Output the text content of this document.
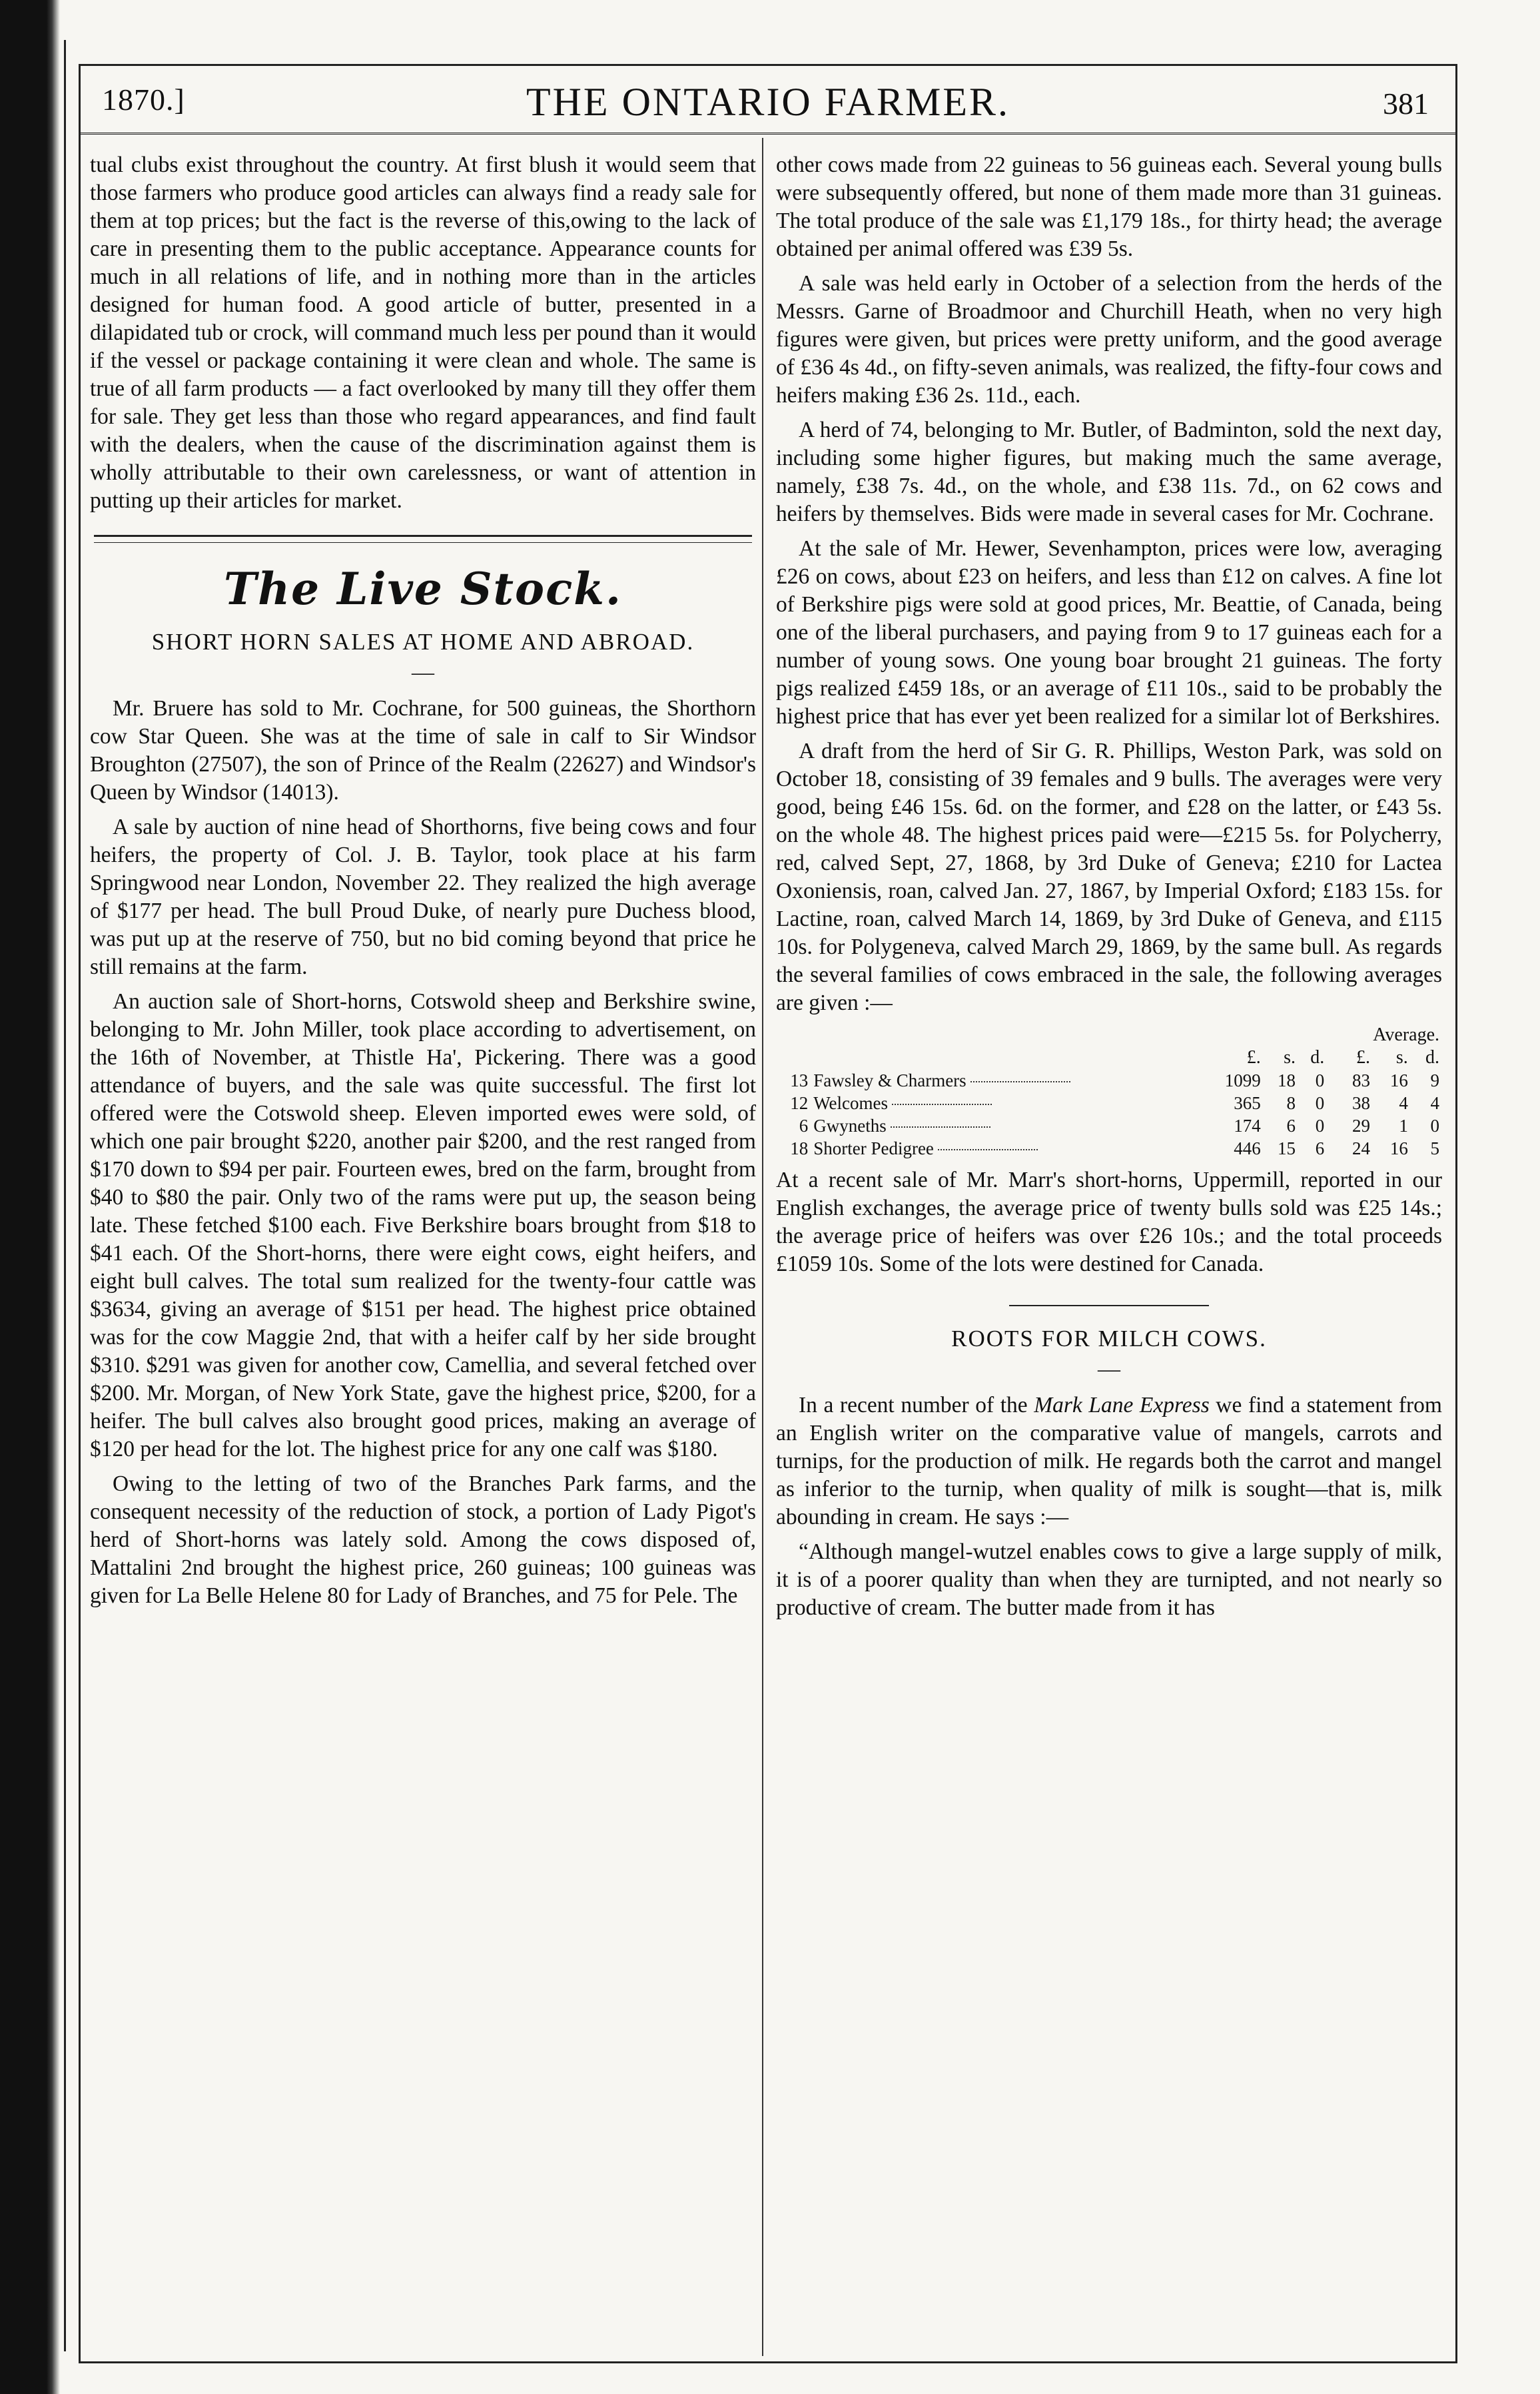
1870.]	THE ONTARIO FARMER.	381

tual clubs exist throughout the country. At first blush it would seem that those farmers who produce good articles can always find a ready sale for them at top prices; but the fact is the reverse of this,owing to the lack of care in presenting them to the public acceptance. Appearance counts for much in all relations of life, and in nothing more than in the articles designed for human food. A good article of butter, presented in a dilapidated tub or crock, will command much less per pound than it would if the vessel or package containing it were clean and whole. The same is true of all farm products — a fact overlooked by many till they offer them for sale. They get less than those who regard appearances, and find fault with the dealers, when the cause of the discrimination against them is wholly attributable to their own carelessness, or want of attention in putting up their articles for market.

The Live Stock.
SHORT HORN SALES AT HOME AND ABROAD.
—

Mr. Bruere has sold to Mr. Cochrane, for 500 guineas, the Shorthorn cow Star Queen. She was at the time of sale in calf to Sir Windsor Broughton (27507), the son of Prince of the Realm (22627) and Windsor's Queen by Windsor (14013).

A sale by auction of nine head of Shorthorns, five being cows and four heifers, the property of Col. J. B. Taylor, took place at his farm Springwood near London, November 22. They realized the high average of $177 per head. The bull Proud Duke, of nearly pure Duchess blood, was put up at the reserve of 750, but no bid coming beyond that price he still remains at the farm.

An auction sale of Short-horns, Cotswold sheep and Berkshire swine, belonging to Mr. John Miller, took place according to advertisement, on the 16th of November, at Thistle Ha', Pickering. There was a good attendance of buyers, and the sale was quite successful. The first lot offered were the Cotswold sheep. Eleven imported ewes were sold, of which one pair brought $220, another pair $200, and the rest ranged from $170 down to $94 per pair. Fourteen ewes, bred on the farm, brought from $40 to $80 the pair. Only two of the rams were put up, the season being late. These fetched $100 each. Five Berkshire boars brought from $18 to $41 each. Of the Short-horns, there were eight cows, eight heifers, and eight bull calves. The total sum realized for the twenty-four cattle was $3634, giving an average of $151 per head. The highest price obtained was for the cow Maggie 2nd, that with a heifer calf by her side brought $310. $291 was given for another cow, Camellia, and several fetched over $200. Mr. Morgan, of New York State, gave the highest price, $200, for a heifer. The bull calves also brought good prices, making an average of $120 per head for the lot. The highest price for any one calf was $180.

Owing to the letting of two of the Branches Park farms, and the consequent necessity of the reduction of stock, a portion of Lady Pigot's herd of Short-horns was lately sold. Among the cows disposed of, Mattalini 2nd brought the highest price, 260 guineas; 100 guineas was given for La Belle Helene 80 for Lady of Branches, and 75 for Pele. The

other cows made from 22 guineas to 56 guineas each. Several young bulls were subsequently offered, but none of them made more than 31 guineas. The total produce of the sale was £1,179 18s., for thirty head; the average obtained per animal offered was £39 5s.

A sale was held early in October of a selection from the herds of the Messrs. Garne of Broadmoor and Churchill Heath, when no very high figures were given, but prices were pretty uniform, and the good average of £36 4s 4d., on fifty-seven animals, was realized, the fifty-four cows and heifers making £36 2s. 11d., each.

A herd of 74, belonging to Mr. Butler, of Badminton, sold the next day, including some higher figures, but making much the same average, namely, £38 7s. 4d., on the whole, and £38 11s. 7d., on 62 cows and heifers by themselves. Bids were made in several cases for Mr. Cochrane.

At the sale of Mr. Hewer, Sevenhampton, prices were low, averaging £26 on cows, about £23 on heifers, and less than £12 on calves. A fine lot of Berkshire pigs were sold at good prices, Mr. Beattie, of Canada, being one of the liberal purchasers, and paying from 9 to 17 guineas each for a number of young sows. One young boar brought 21 guineas. The forty pigs realized £459 18s, or an average of £11 10s., said to be probably the highest price that has ever yet been realized for a similar lot of Berkshires.

A draft from the herd of Sir G. R. Phillips, Weston Park, was sold on October 18, consisting of 39 females and 9 bulls. The averages were very good, being £46 15s. 6d. on the former, and £28 on the latter, or £43 5s. on the whole 48. The highest prices paid were—£215 5s. for Polycherry, red, calved Sept, 27, 1868, by 3rd Duke of Geneva; £210 for Lactea Oxoniensis, roan, calved Jan. 27, 1867, by Imperial Oxford; £183 15s. for Lactine, roan, calved March 14, 1869, by 3rd Duke of Geneva, and £115 10s. for Polygeneva, calved March 29, 1869, by the same bull. As regards the several families of cows embraced in the sale, the following averages are given :—

						Average.		
		£.	s.	d.		£.	s.	d.
13	Fawsley & Charmers	1099	18	0		83	16	9
12	Welcomes	365	8	0		38	4	4
6	Gwyneths	174	6	0		29	1	0
18	Shorter Pedigree	446	15	6		24	16	5

At a recent sale of Mr. Marr's short-horns, Uppermill, reported in our English exchanges, the average price of twenty bulls sold was £25 14s.; the average price of heifers was over £26 10s.; and the total proceeds £1059 10s. Some of the lots were destined for Canada.

ROOTS FOR MILCH COWS.
—

In a recent number of the Mark Lane Express we find a statement from an English writer on the comparative value of mangels, carrots and turnips, for the production of milk. He regards both the carrot and mangel as inferior to the turnip, when quality of milk is sought—that is, milk abounding in cream. He says :—

“Although mangel-wutzel enables cows to give a large supply of milk, it is of a poorer quality than when they are turnipted, and not nearly so productive of cream. The butter made from it has
